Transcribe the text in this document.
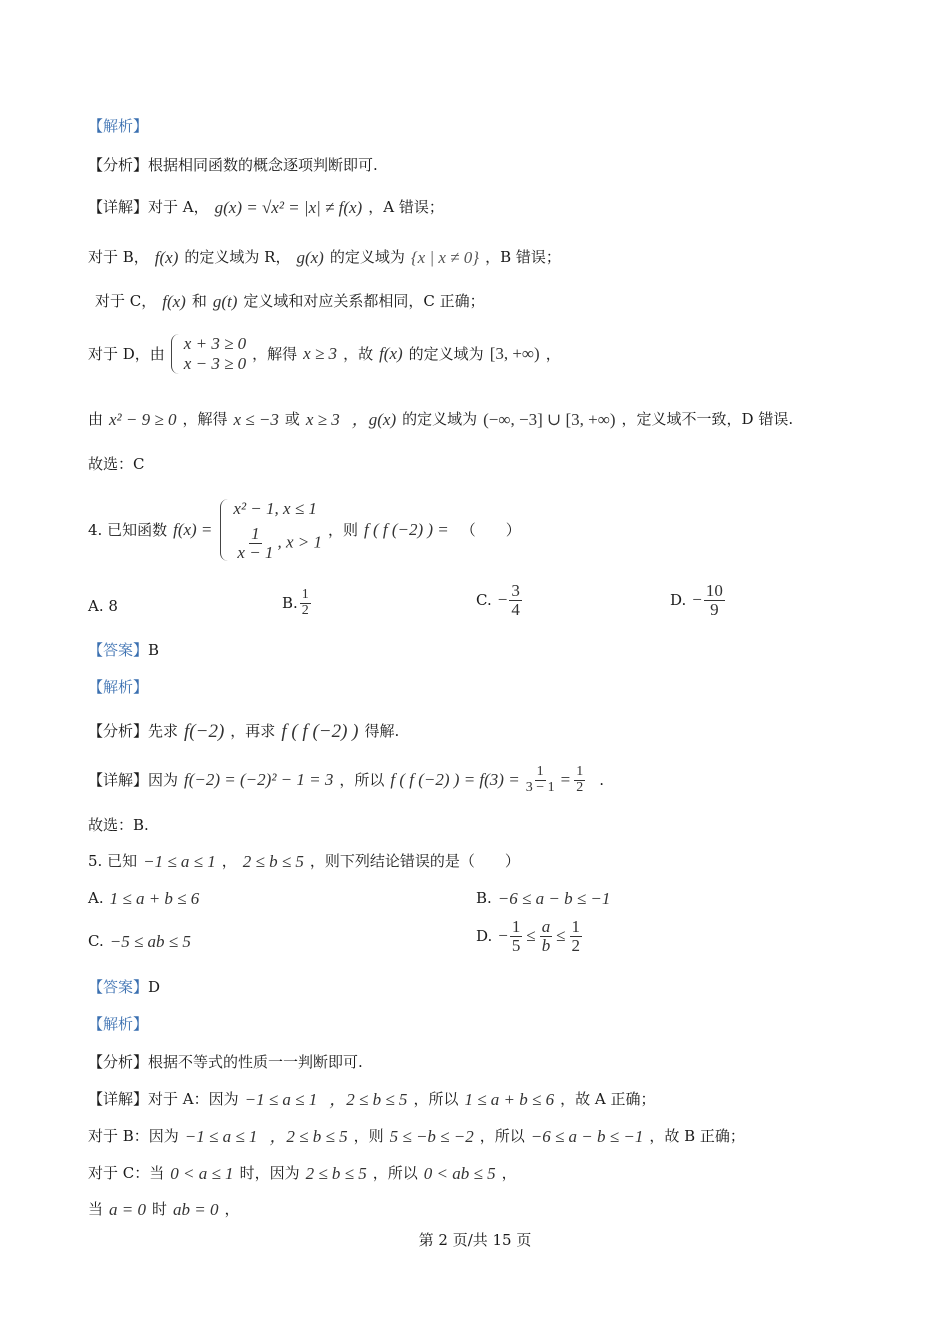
【解析】
【分析】根据相同函数的概念逐项判断即可.
【详解】对于 A， g(x) = √x² = |x| ≠ f(x) ，A 错误；
对于 B， f(x) 的定义域为 R， g(x) 的定义域为 {x | x ≠ 0} ，B 错误；
对于 C， f(x) 和 g(t) 定义域和对应关系都相同，C 正确；
对于 D，由
x + 3 ≥ 0
x − 3 ≥ 0 ，解得 x ≥ 3 ，故 f(x) 的定义域为 [3, +∞) ，
由 x² − 9 ≥ 0 ，解得 x ≤ −3 或 x ≥ 3 ，g(x) 的定义域为 (−∞, −3] ∪ [3, +∞) ，定义域不一致，D 错误.
故选：C
4. 已知函数 f(x) =
x² − 1, x ≤ 1
$\frac{1}{x - 1}$ , x > 1
，则 f ( f (−2) ) = （　　）
A. 8	B. $\frac{1}{2}$	C. − $\frac{3}{4}$	D. − $\frac{10}{9}$
【答案】B
【解析】
【分析】先求 f(−2) ，再求 f ( f (−2) ) 得解.
【详解】 因为 f(−2) = (−2)² − 1 = 3 ，所以 f ( f (−2) ) = $f(3) = \frac{1}{3 - 1} = \frac{1}{2}$ .
故选：B.
5. 已知 −1 ≤ a ≤ 1 ， 2 ≤ b ≤ 5 ，则下列结论错误的是（　　）
A. 1 ≤ a + b ≤ 6	B. −6 ≤ a − b ≤ −1
C. −5 ≤ ab ≤ 5	D. − $\frac{1}{5} \le \frac{a}{b} \le \frac{1}{2}$
【答案】D
【解析】
【分析】根据不等式的性质一一判断即可.
【详解】对于 A：因为 −1 ≤ a ≤ 1 ，2 ≤ b ≤ 5 ，所以 1 ≤ a + b ≤ 6 ，故 A 正确；
对于 B：因为 −1 ≤ a ≤ 1 ，2 ≤ b ≤ 5 ，则 5 ≤ −b ≤ −2 ，所以 −6 ≤ a − b ≤ −1 ，故 B 正确；
对于 C：当 0 < a ≤ 1 时，因为 2 ≤ b ≤ 5 ，所以 0 < ab ≤ 5 ，
当 a = 0 时 ab = 0 ，
第 2 页/共 15 页
